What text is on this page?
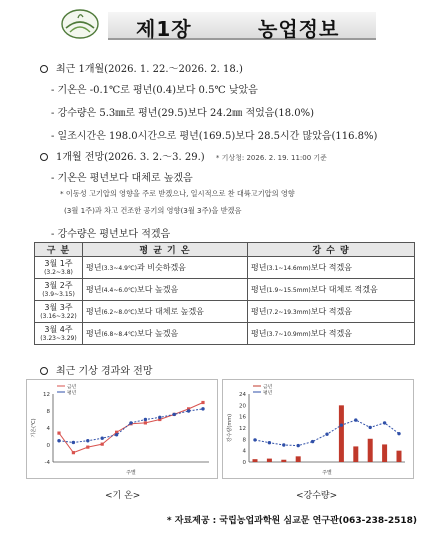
제1장	농업정보
최근 1개월(2026. 1. 22.～2026. 2. 18.)
- 기온은 -0.1℃로 평년(0.4)보다 0.5℃ 낮았음
- 강수량은 5.3㎜로 평년(29.5)보다 24.2㎜ 적었음(18.0%)
- 일조시간은 198.0시간으로 평년(169.5)보다 28.5시간 많았음(116.8%)
1개월 전망(2026. 3. 2.～3. 29.) * 기상청: 2026. 2. 19. 11:00 기준
- 기온은 평년보다 대체로 높겠음
* 이동성 고기압의 영향을 주로 받겠으나, 일시적으로 찬 대륙고기압의 영향
(3월 1주)과 차고 건조한 공기의 영향(3월 3주)을 받겠음
- 강수량은 평년보다 적겠음
구 분	평 균 기 온	강 수 량
3월 1주
(3.2~3.8)	평년(3.3~4.9℃)과 비슷하겠음	평년(3.1~14.6mm)보다 적겠음
3월 2주
(3.9~3.15)	평년(4.4~6.0℃)보다 높겠음	평년(1.9~15.5mm)보다 대체로 적겠음
3월 3주
(3.16~3.22)	평년(6.2~8.0℃)보다 대체로 높겠음	평년(7.2~19.3mm)보다 적겠음
3월 4주
(3.23~3.29)	평년(6.8~8.4℃)보다 높겠음	평년(3.7~10.9mm)보다 적겠음
최근 기상 경과와 전망
-4
0
4
8
12
기온(℃)
주별
금년
평년
0
4
8
12
16
20
24
강수량(mm)
주별
금년
평년
<기 온>	<강수량>
* 자료제공 : 국립농업과학원 심교문 연구관(063-238-2518)
